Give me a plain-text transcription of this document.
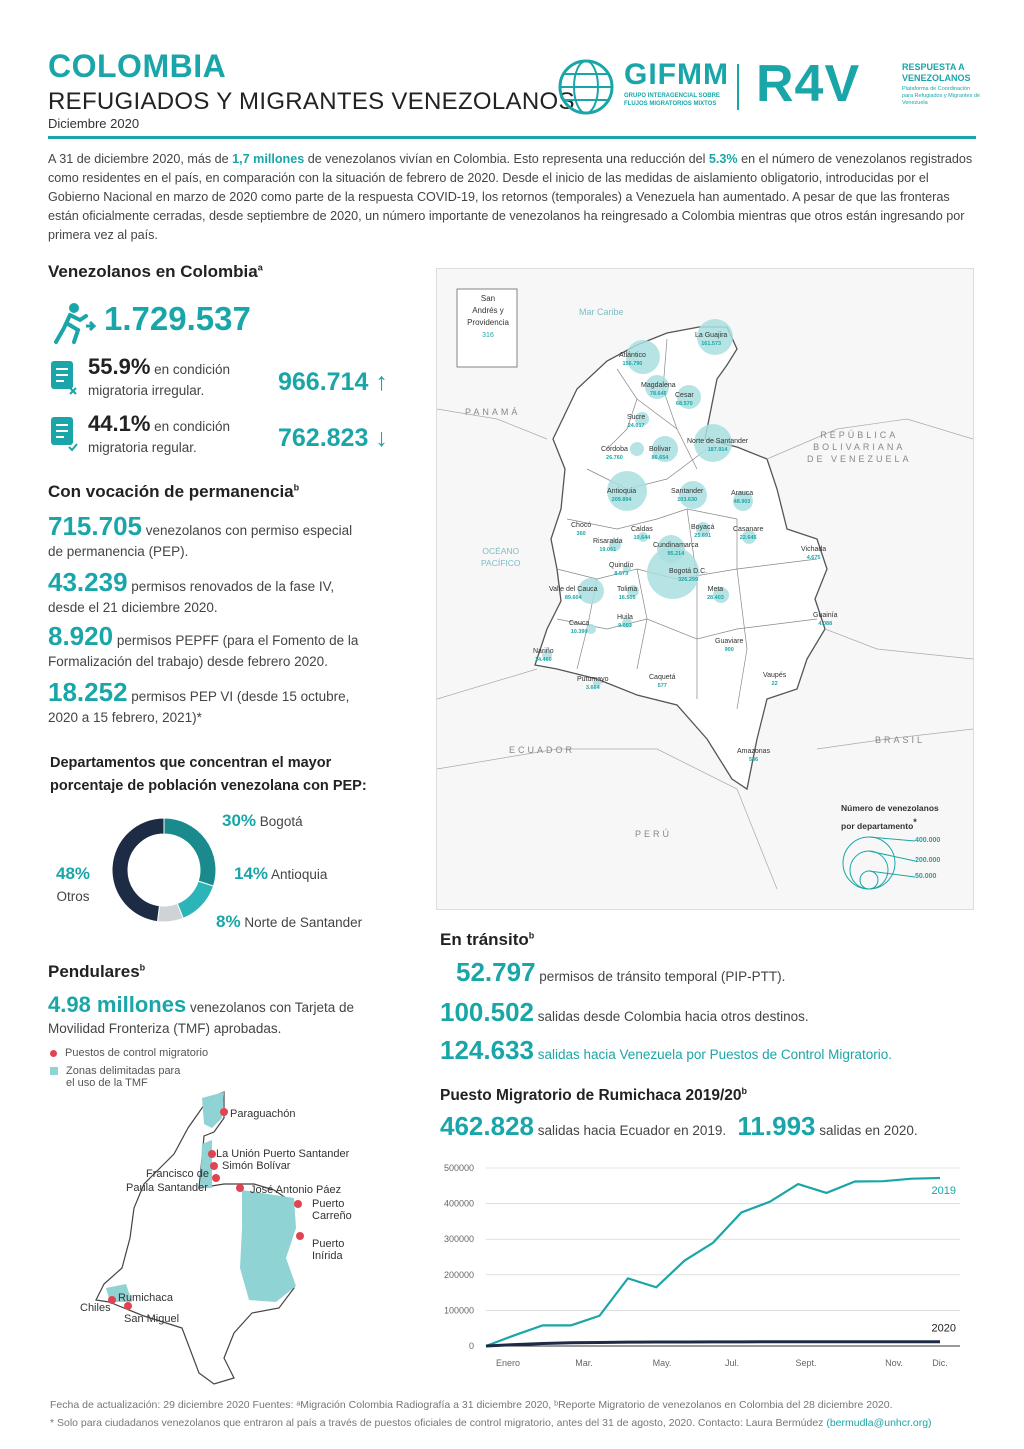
COLOMBIA
REFUGIADOS Y MIGRANTES VENEZOLANOS
Diciembre 2020
GIFMM
GRUPO INTERAGENCIAL SOBRE FLUJOS MIGRATORIOS MIXTOS R4V	RESPUESTA A VENEZOLANOS
Plataforma de Coordinación para Refugiados y Migrantes de Venezuela
A 31 de diciembre 2020, más de 1,7 millones de venezolanos vivían en Colombia. Esto representa una reducción del 5.3% en el número de venezolanos registrados como residentes en el país, en comparación con la situación de febrero de 2020. Desde el inicio de las medidas de aislamiento obligatorio, introducidas por el Gobierno Nacional en marzo de 2020 como parte de la respuesta COVID-19, los retornos (temporales) a Venezuela han aumentado. A pesar de que las fronteras están oficialmente cerradas, desde septiembre de 2020, un número importante de venezolanos ha reingresado a Colombia mientras que otros están ingresando por primera vez al país.
Venezolanos en Colombia$^a$
1.729.537
55.9% en condición
migratoria irregular.	966.714 ↑
44.1% en condición
migratoria regular.	762.823 ↓
Con vocación de permanencia$^b$
715.705 venezolanos con permiso especial
de permanencia (PEP).
43.239 permisos renovados de la fase IV,
desde el 21 diciembre 2020.
8.920 permisos PEPFF (para el Fomento de la
Formalización del trabajo) desde febrero 2020.
18.252 permisos PEP VI (desde 15 octubre,
2020 a 15 febrero, 2021)*
Departamentos que concentran el mayor
porcentaje de población venezolana con PEP:
30% Bogotá
14% Antioquia
8% Norte de Santander
48%
Otros
Pendulares$^b$
4.98 millones venezolanos con Tarjeta de
Movilidad Fronteriza (TMF) aprobadas.
Puestos de control migratorio
Zonas delimitadas para
el uso de la TMF
Paraguachón
La Unión Puerto Santander
Simón Bolívar
Francisco de
Paula Santander	José Antonio Páez
Puerto
Carreño
Puerto
Inírida
Rumichaca
Chiles
San Miguel
San
Andrés y
Providencia
316
Mar Caribe
OCÉANO
PACÍFICO
PANAMÁ
REPÚBLICA
BOLIVARIANA
DE VENEZUELA
ECUADOR
PERÚ
BRASIL
Número de venezolanos
por departamento*
400.000
200.000
50.000
La Guajira
161.573
Atlántico
156.790
Magdalena
78.645	Cesar
68.570
Sucre
24.017
Bolívar
86.654
Córdoba
26.760
Norte de Santander
187.914
Antioquia
209.894
Santander
103.630
Arauca
48.903
Chocó
360
Caldas
10.644
Boyacá
25.691
Risaralda
19.061
Casanare
22.645
Cundinamarca
95.214
Quindío
8.573	Bogotá D.C.
326.299
Vichada
4.675
Valle del Cauca
89.604
Tolima
16.505
Meta
28.403
Cauca
10.390
Huila
9.003
Guainía
4.088
Guaviare
900
Nariño
14.460
Putumayo
3.664
Caquetá
577
Vaupés
22
Amazonas
536
En tránsito$^b$
52.797 permisos de tránsito temporal (PIP-PTT).
100.502 salidas desde Colombia hacia otros destinos.
124.633 salidas hacia Venezuela por Puestos de Control Migratorio.
Puesto Migratorio de Rumichaca 2019/20$^b$
462.828 salidas hacia Ecuador en 2019. 11.993 salidas en 2020.
500000
400000
300000
200000
100000
0
Enero	Mar.	May.	Jul.	Sept.	Nov.	Dic.
2019
2020
Fecha de actualización: 29 diciembre 2020 Fuentes: ᵃMigración Colombia Radiografía a 31 diciembre 2020, ᵇReporte Migratorio de venezolanos en Colombia del 28 diciembre 2020.
* Solo para ciudadanos venezolanos que entraron al país a través de puestos oficiales de control migratorio, antes del 31 de agosto, 2020. Contacto: Laura Bermúdez (bermudla@unhcr.org)
